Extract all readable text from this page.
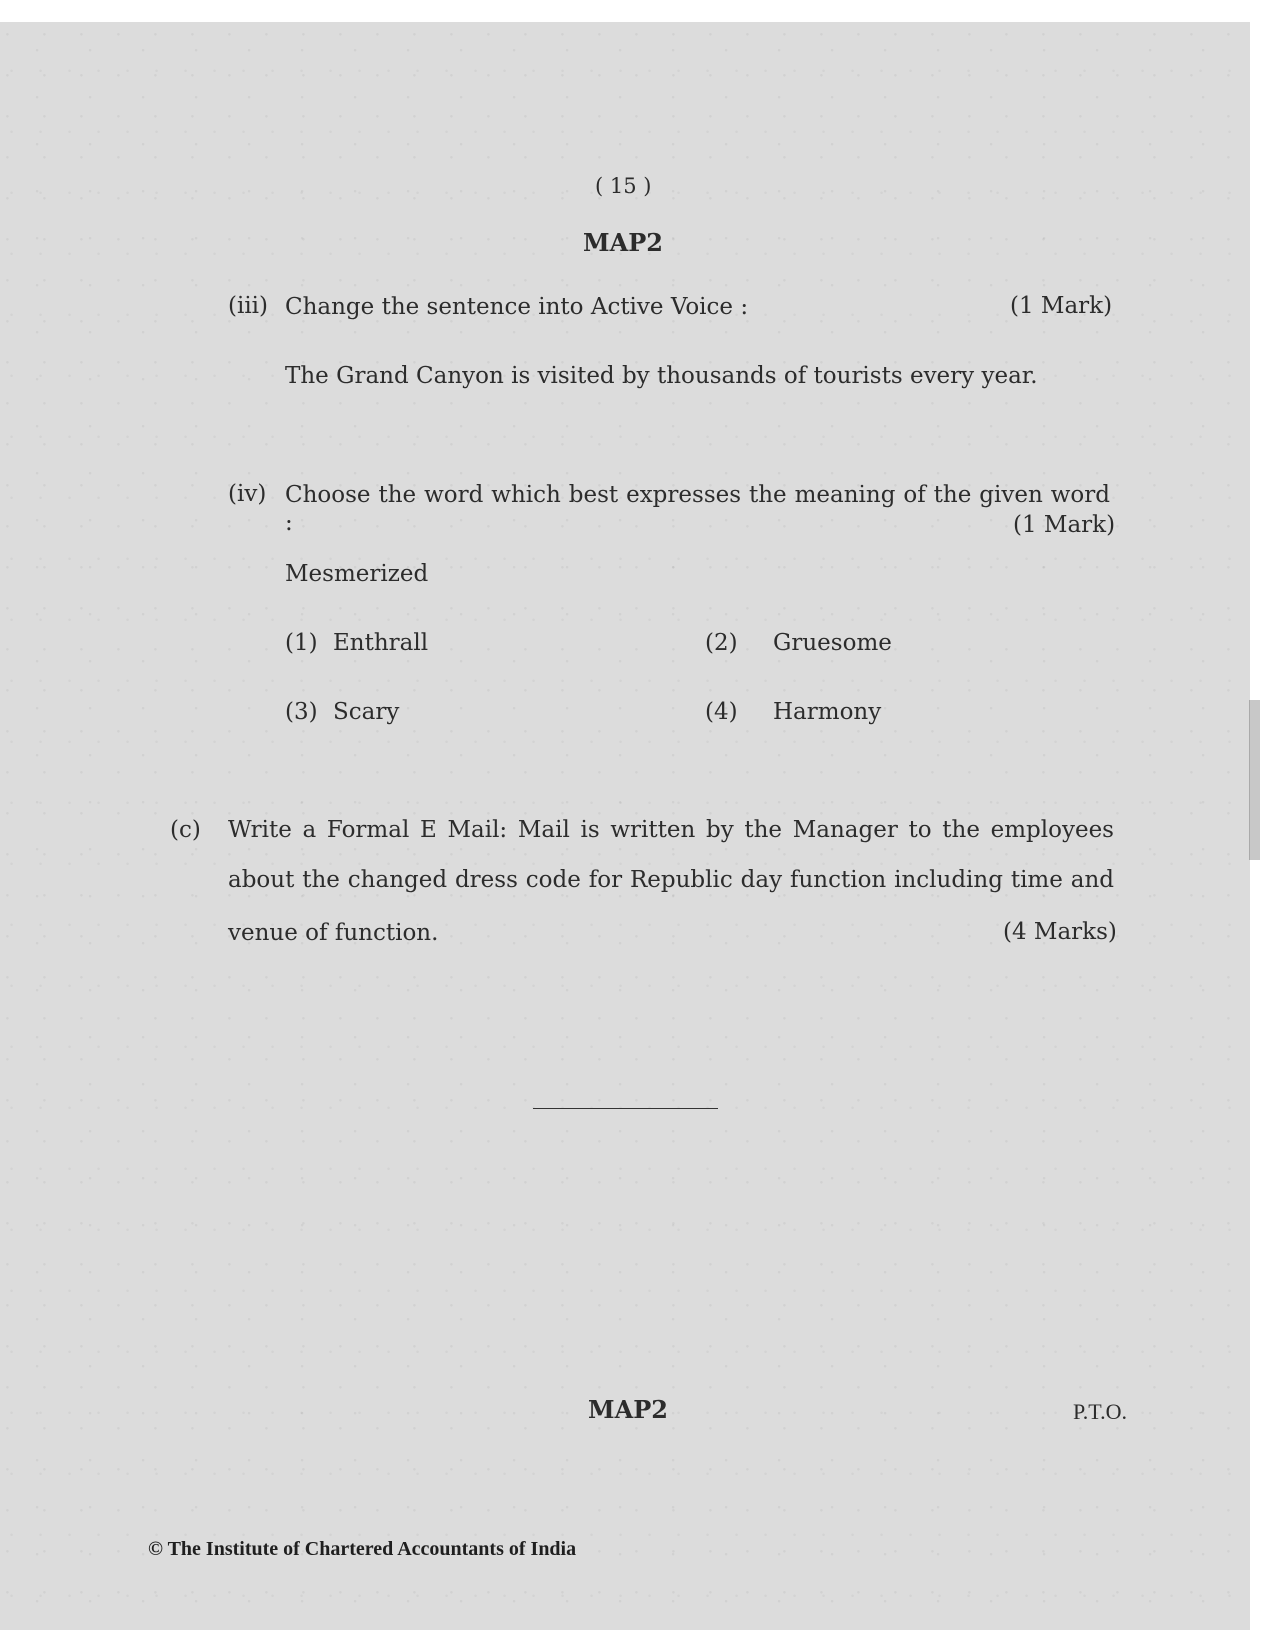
( 15 )
MAP2
(iii) Change the sentence into Active Voice :	(1 Mark)
The Grand Canyon is visited by thousands of tourists every year.
(iv) Choose the word which best expresses the meaning of the given word :	(1 Mark)
Mesmerized
(1) Enthrall	(2) Gruesome
(3) Scary	(4) Harmony
(c) Write a Formal E Mail: Mail is written by the Manager to the employees about the changed dress code for Republic day function including time and
venue of function.	(4 Marks)
MAP2	P.T.O.
© The Institute of Chartered Accountants of India
